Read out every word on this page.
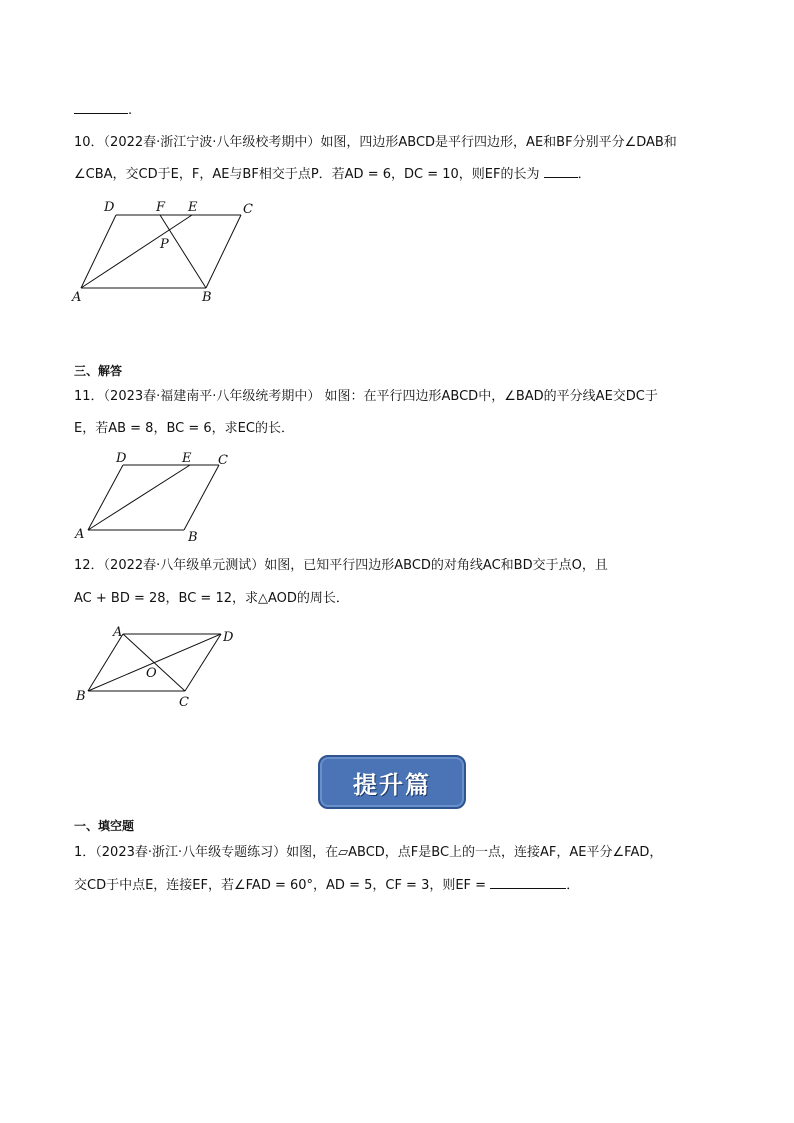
.
10．（2022春·浙江宁波·八年级校考期中）如图，四边形ABCD是平行四边形，AE和BF分别平分∠DAB和
∠CBA，交CD于E，F，AE与BF相交于点P．若AD = 6，DC = 10，则EF的长为	．
D	F E	C
P
A	B
三、解答
11．（2023春·福建南平·八年级统考期中） 如图：在平行四边形ABCD中，∠BAD的平分线AE交DC于
E，若AB = 8，BC = 6，求EC的长．
D	E C
A	B
12．（2022春·八年级单元测试）如图，已知平行四边形ABCD的对角线AC和BD交于点O，且
AC + BD = 28，BC = 12，求△AOD的周长．
A	D
O
B	C
提升篇
一、填空题
1．（2023春·浙江·八年级专题练习）如图，在▱ABCD，点F是BC上的一点，连接AF，AE平分∠FAD，
交CD于中点E，连接EF，若∠FAD = 60°，AD = 5，CF = 3，则EF =	．
